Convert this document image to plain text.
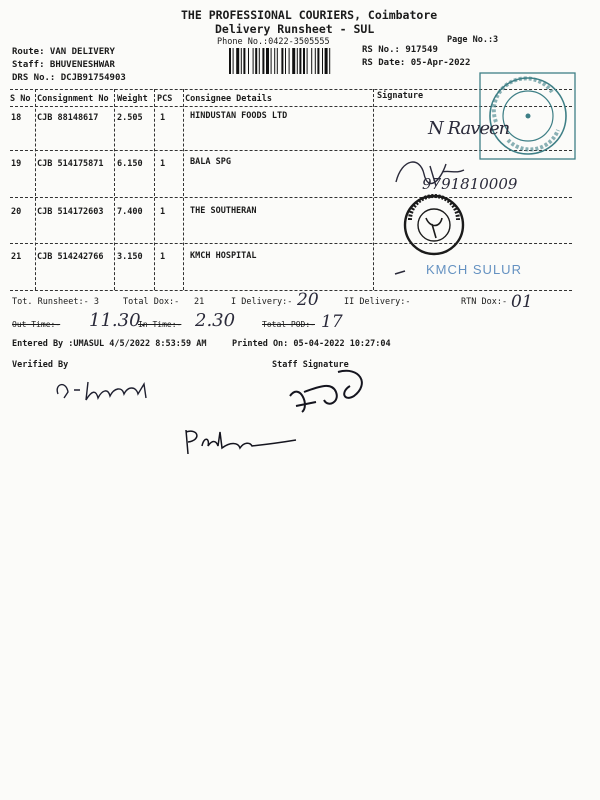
THE PROFESSIONAL COURIERS, Coimbatore
Delivery Runsheet - SUL
Phone No.:0422-3505555	Page No.:3
Route: VAN DELIVERY
Staff: BHUVENESHWAR
DRS No.: DCJB91754903
RS No.: 917549
RS Date: 05-Apr-2022
S No Consignment No Weight PCS Consignee Details	Signature
18 CJB 88148617 2.505 1	HINDUSTAN FOODS LTD
19 CJB 514175871 6.150 1	BALA SPG
20 CJB 514172603 7.400 1	THE SOUTHERAN
21 CJB 514242766 3.150 1	KMCH HOSPITAL
N Raveen
9791810009
KMCH SULUR
Tot. Runsheet:- 3	Total Dox:- 21	I Delivery:- 20	II Delivery:-	RTN Dox:- 01
Out Time:- 11.30.
In Time:- 2.30	Total POD:- 17
Entered By :UMASUL 4/5/2022 8:53:59 AM	Printed On: 05-04-2022 10:27:04
Verified By	Staff Signature
